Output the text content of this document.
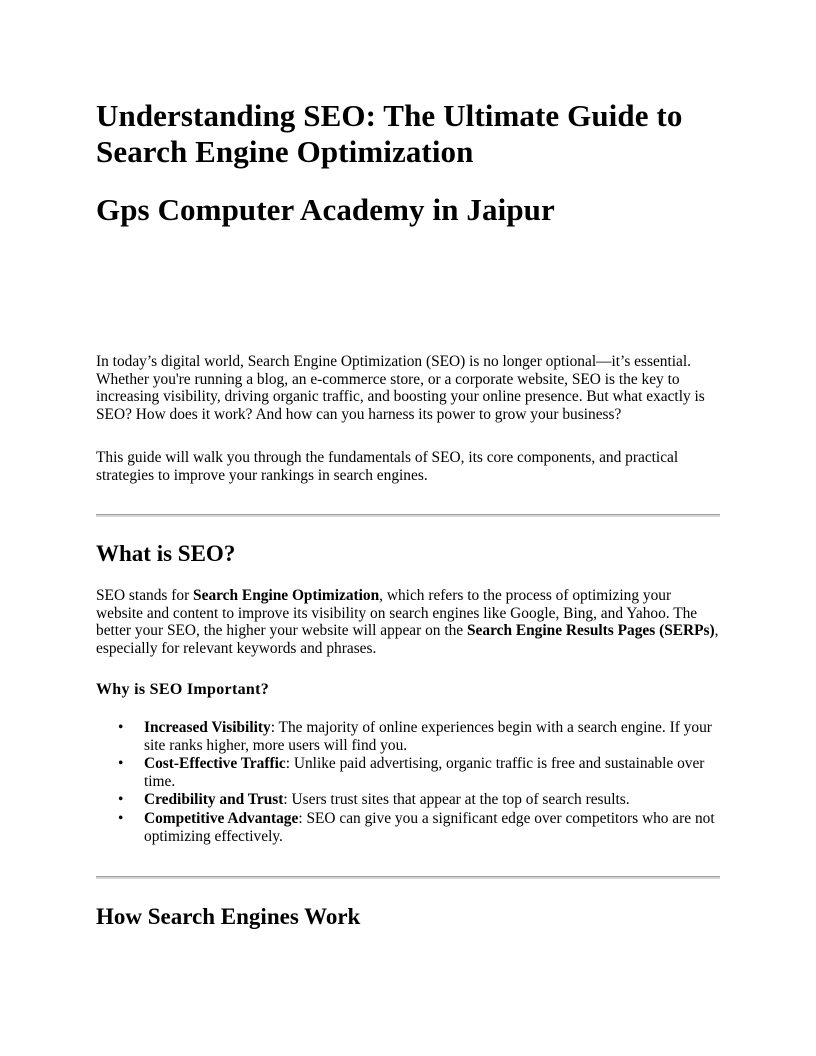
Understanding SEO: The Ultimate Guide to Search Engine Optimization
Gps Computer Academy in Jaipur

In today’s digital world, Search Engine Optimization (SEO) is no longer optional—it’s essential. Whether you're running a blog, an e-commerce store, or a corporate website, SEO is the key to increasing visibility, driving organic traffic, and boosting your online presence. But what exactly is SEO? How does it work? And how can you harness its power to grow your business?

This guide will walk you through the fundamentals of SEO, its core components, and practical strategies to improve your rankings in search engines.

What is SEO?

SEO stands for Search Engine Optimization, which refers to the process of optimizing your website and content to improve its visibility on search engines like Google, Bing, and Yahoo. The better your SEO, the higher your website will appear on the Search Engine Results Pages (SERPs), especially for relevant keywords and phrases.

Why is SEO Important?
• Increased Visibility: The majority of online experiences begin with a search engine. If your site ranks higher, more users will find you.
• Cost-Effective Traffic: Unlike paid advertising, organic traffic is free and sustainable over time.
• Credibility and Trust: Users trust sites that appear at the top of search results.
• Competitive Advantage: SEO can give you a significant edge over competitors who are not optimizing effectively.
How Search Engines Work
